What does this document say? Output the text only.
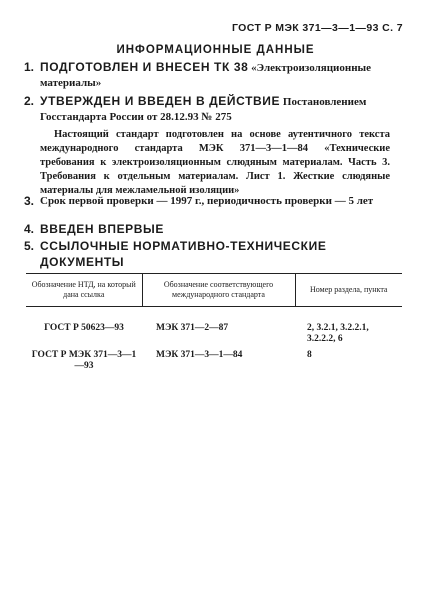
ГОСТ Р МЭК 371—3—1—93 С. 7
ИНФОРМАЦИОННЫЕ ДАННЫЕ
1. ПОДГОТОВЛЕН И ВНЕСЕН ТК 38 «Электроизоляционные материалы»
2. УТВЕРЖДЕН И ВВЕДЕН В ДЕЙСТВИЕ Постановлением Госстандарта России от 28.12.93 № 275
Настоящий стандарт подготовлен на основе аутентичного текста международного стандарта МЭК 371—3—1—84 «Технические требования к электроизоляционным слюдяным материалам. Часть 3. Требования к отдельным материалам. Лист 1. Жесткие слюдяные материалы для межламельной изоляции»
3. Срок первой проверки — 1997 г., периодичность проверки — 5 лет
4. ВВЕДЕН ВПЕРВЫЕ
5. ССЫЛОЧНЫЕ НОРМАТИВНО-ТЕХНИЧЕСКИЕ ДОКУМЕНТЫ
Обозначение НТД, на который дана ссылка	Обозначение соответствующего международного стандарта	Номер раздела, пункта
ГОСТ Р 50623—93	МЭК 371—2—87	2, 3.2.1, 3.2.2.1, 3.2.2.2, 6
ГОСТ Р МЭК 371—3—1—93	МЭК 371—3—1—84	8
